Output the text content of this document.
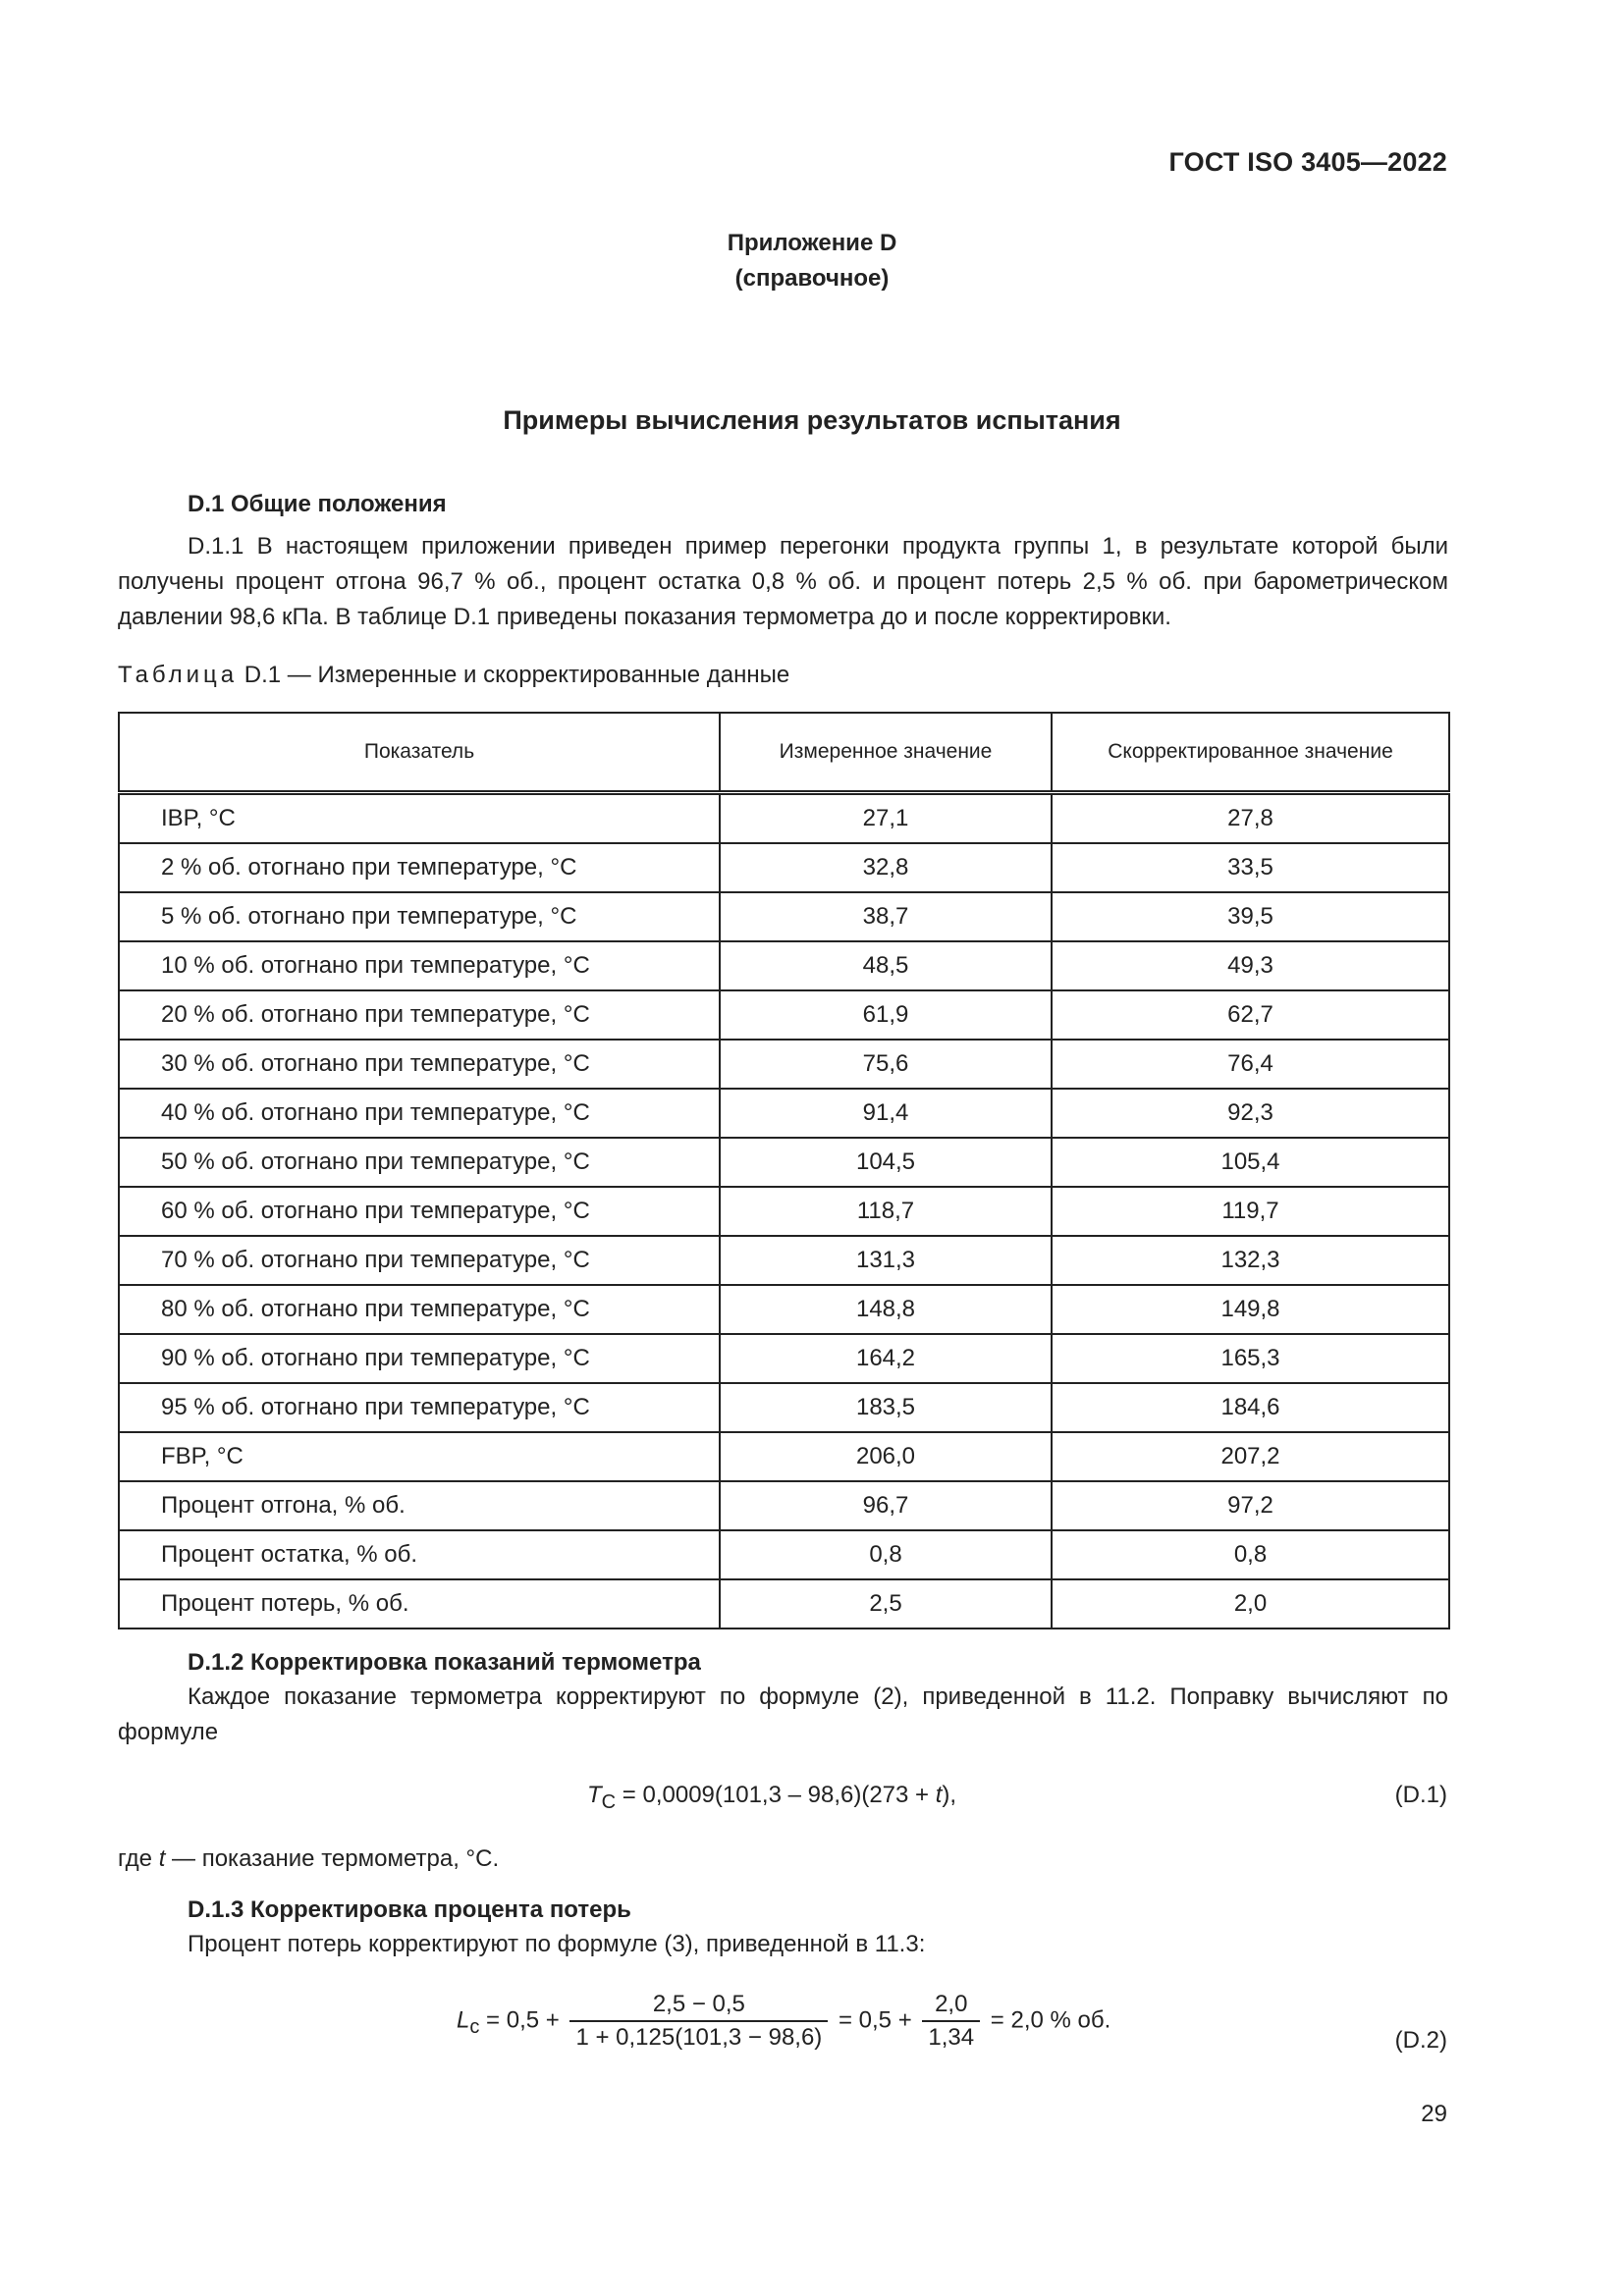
ГОСТ ISO 3405—2022
Приложение D
(справочное)
Примеры вычисления результатов испытания
D.1 Общие положения
D.1.1 В настоящем приложении приведен пример перегонки продукта группы 1, в результате которой были получены процент отгона 96,7 % об., процент остатка 0,8 % об. и процент потерь 2,5 % об. при барометрическом давлении 98,6 кПа. В таблице D.1 приведены показания термометра до и после корректировки.
Таблица D.1 — Измеренные и скорректированные данные
Показатель	Измеренное значение	Скорректированное значение
IBP, °C	27,1	27,8
2 % об. отогнано при температуре, °C	32,8	33,5
5 % об. отогнано при температуре, °C	38,7	39,5
10 % об. отогнано при температуре, °C	48,5	49,3
20 % об. отогнано при температуре, °C	61,9	62,7
30 % об. отогнано при температуре, °C	75,6	76,4
40 % об. отогнано при температуре, °C	91,4	92,3
50 % об. отогнано при температуре, °C	104,5	105,4
60 % об. отогнано при температуре, °C	118,7	119,7
70 % об. отогнано при температуре, °C	131,3	132,3
80 % об. отогнано при температуре, °C	148,8	149,8
90 % об. отогнано при температуре, °C	164,2	165,3
95 % об. отогнано при температуре, °C	183,5	184,6
FBP, °C	206,0	207,2
Процент отгона, % об.	96,7	97,2
Процент остатка, % об.	0,8	0,8
Процент потерь, % об.	2,5	2,0
D.1.2 Корректировка показаний термометра
Каждое показание термометра корректируют по формуле (2), приведенной в 11.2. Поправку вычисляют по формуле
$T_C = 0,0009(101,3 - 98,6)(273 + t)$,	(D.1)
где t — показание термометра, °C.
D.1.3 Корректировка процента потерь
Процент потерь корректируют по формуле (3), приведенной в 11.3:
$L_c = 0,5 + \frac{2,5 - 0,5}{1 + 0,125(101,3 - 98,6)} = 0,5 + \frac{2,0}{1,34} = 2,0$ % об.
(D.2)
29
